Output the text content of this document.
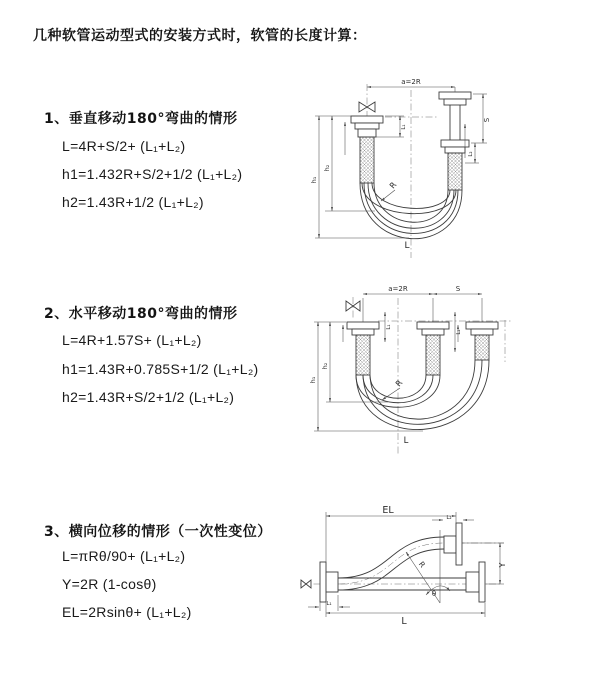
几种软管运动型式的安装方式时，软管的长度计算：
1、垂直移动180°弯曲的情形
L=4R+S/2+ (L₁+L₂)
h1=1.432R+S/2+1/2 (L₁+L₂)
h2=1.43R+1/2 (L₁+L₂)
2、水平移动180°弯曲的情形
L=4R+1.57S+ (L₁+L₂)
h1=1.43R+0.785S+1/2 (L₁+L₂)
h2=1.43R+S/2+1/2 (L₁+L₂)
3、横向位移的情形（一次性变位）
L=πRθ/90+ (L₁+L₂)
Y=2R (1-cosθ)
EL=2Rsinθ+ (L₁+L₂)
a=2R
S
L₂
L₁
h₁
h₂
R
L
a=2R	S
L₁
L₂
h₁
h₂
R
L
θ
R
EL
L₂
Y
L₁
L
